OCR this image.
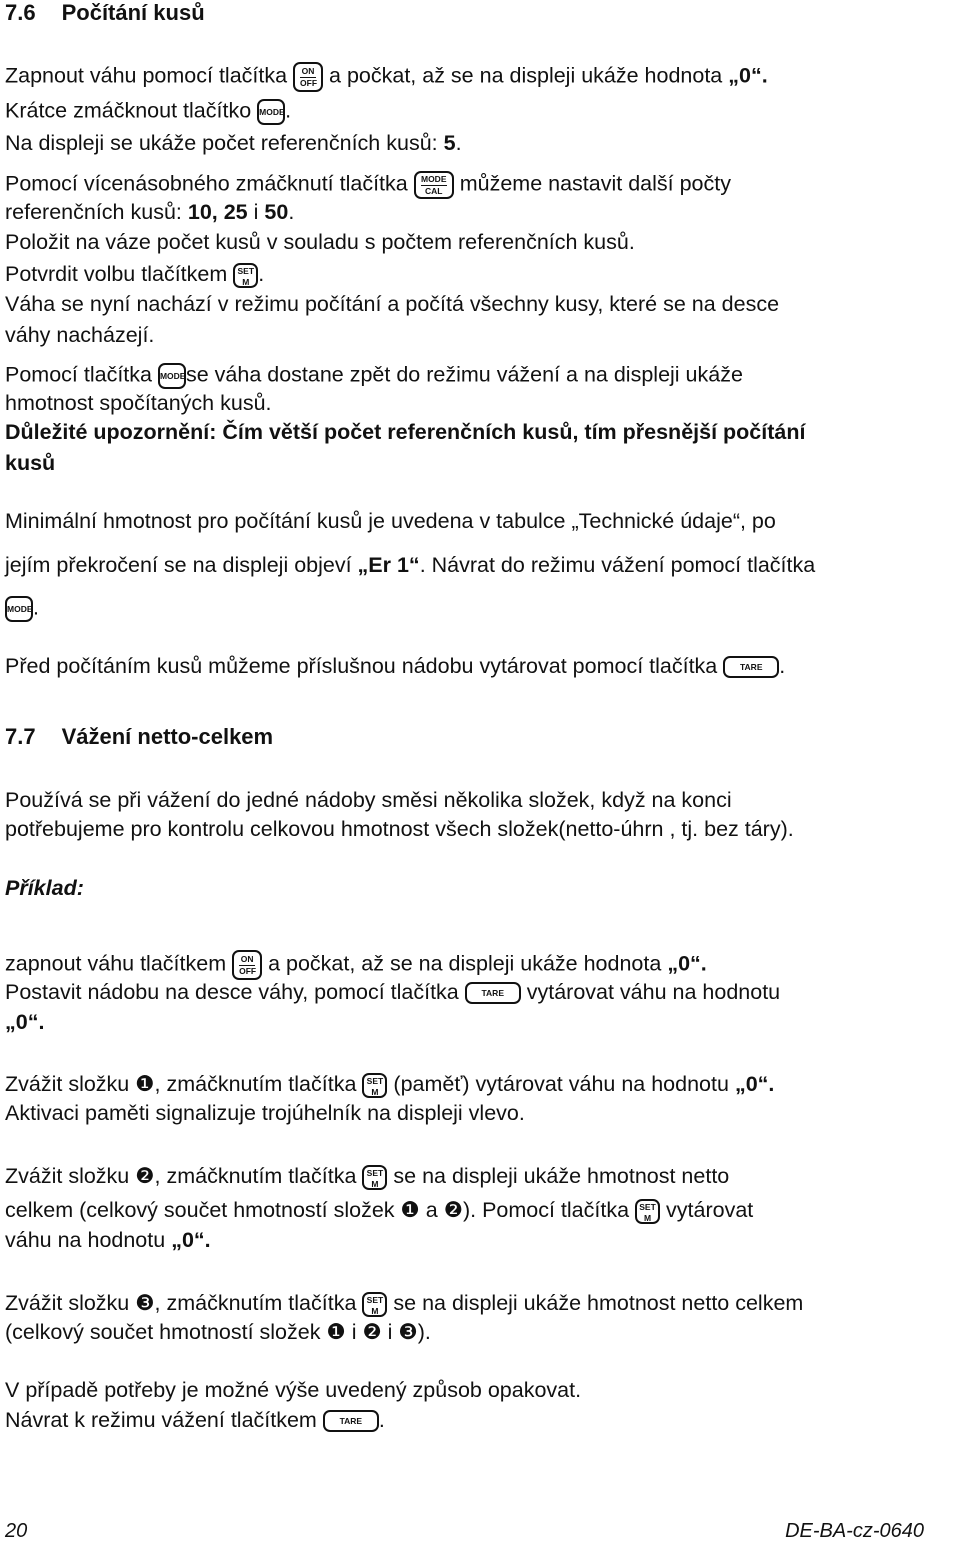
7.6 Počítání kusů
Zapnout váhu pomocí tlačítka	ON
OFF a počkat, až se na displeji ukáže hodnota „0“.
Krátce zmáčknout tlačítko MODE .
Na displeji se ukáže počet referenčních kusů: 5.
Pomocí vícenásobného zmáčknutí tlačítka	MODE
CAL můžeme nastavit další počty
referenčních kusů: 10, 25 i 50.
Položit na váze počet kusů v souladu s počtem referenčních kusů.
Potvrdit volbu tlačítkem SET
M .
Váha se nyní nachází v režimu počítání a počítá všechny kusy, které se na desce
váhy nacházejí.
Pomocí tlačítka MODE se váha dostane zpět do režimu vážení a na displeji ukáže
hmotnost spočítaných kusů.
Důležité upozornění: Čím větší počet referenčních kusů, tím přesnější počítání
kusů
Minimální hmotnost pro počítání kusů je uvedena v tabulce „Technické údaje“, po
jejím překročení se na displeji objeví „Er 1“. Návrat do režimu vážení pomocí tlačítka
MODE .
Před počítáním kusů můžeme příslušnou nádobu vytárovat pomocí tlačítka	TARE .
7.7 Vážení netto-celkem
Používá se při vážení do jedné nádoby směsi několika složek, když na konci
potřebujeme pro kontrolu celkovou hmotnost všech složek(netto-úhrn , tj. bez táry).
Příklad:
zapnout váhu tlačítkem	ON
OFF a počkat, až se na displeji ukáže hodnota „0“.
Postavit nádobu na desce váhy, pomocí tlačítka	TARE	vytárovat váhu na hodnotu
„0“.
Zvážit složku ❶, zmáčknutím tlačítka SET
M (paměť) vytárovat váhu na hodnotu „0“.
Aktivaci paměti signalizuje trojúhelník na displeji vlevo.
Zvážit složku ❷, zmáčknutím tlačítka SET
M se na displeji ukáže hmotnost netto
celkem (celkový součet hmotností složek ❶ a ❷). Pomocí tlačítka SET
M vytárovat
váhu na hodnotu „0“.
Zvážit složku ❸, zmáčknutím tlačítka SET
M se na displeji ukáže hmotnost netto celkem
(celkový součet hmotností složek ❶ i ❷ i ❸).
V případě potřeby je možné výše uvedený způsob opakovat.
Návrat k režimu vážení tlačítkem	TARE .
20	DE-BA-cz-0640
